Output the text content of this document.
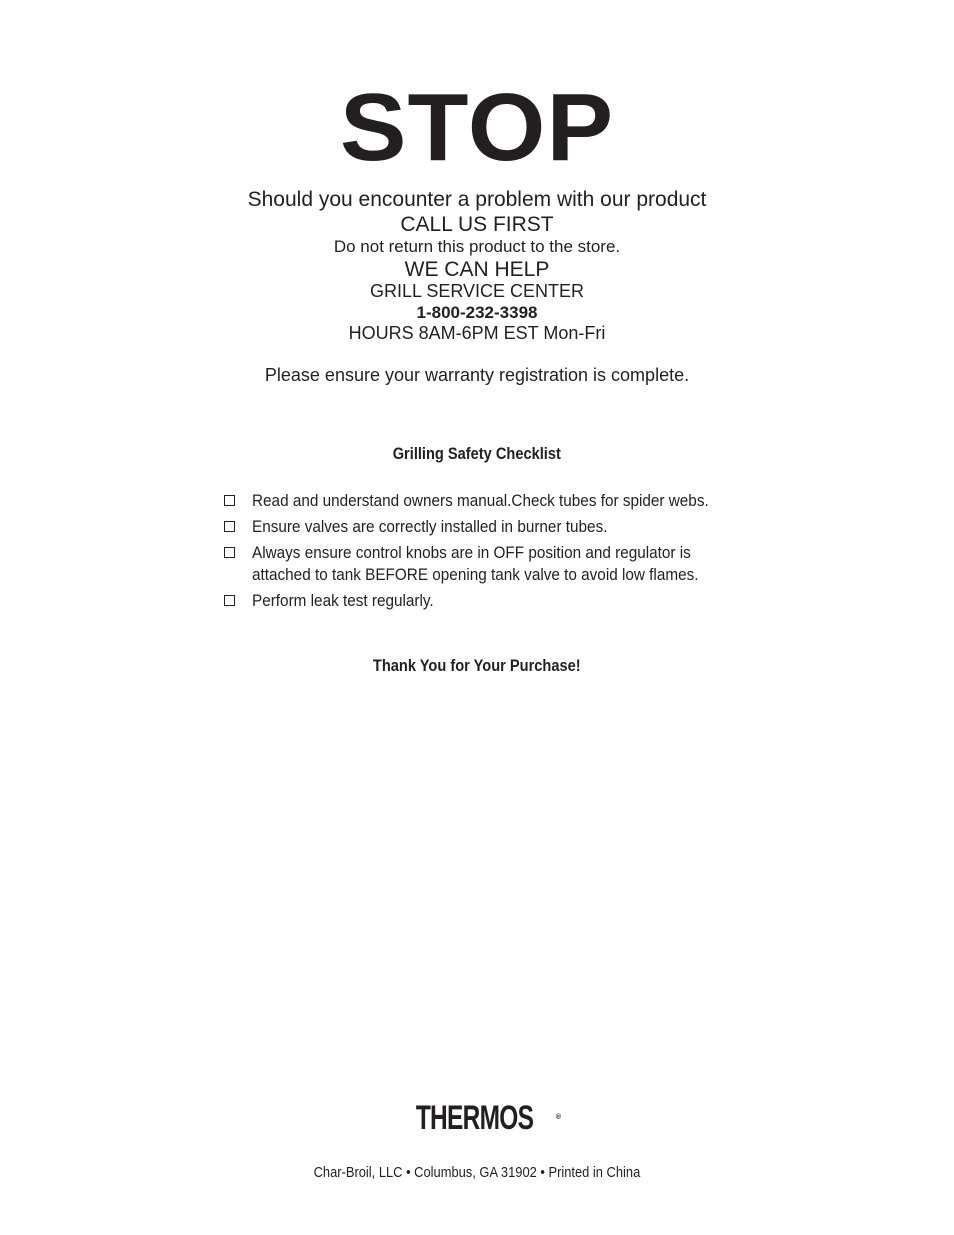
STOP
Should you encounter a problem with our product
CALL US FIRST
Do not return this product to the store.
WE CAN HELP
GRILL SERVICE CENTER
1-800-232-3398
HOURS 8AM-6PM EST Mon-Fri
Please ensure your warranty registration is complete.
Grilling Safety Checklist
Read and understand owners manual.Check tubes for spider webs.
Ensure valves are correctly installed in burner tubes.
Always ensure control knobs are in OFF position and regulator is attached to tank BEFORE opening tank valve to avoid low flames.
Perform leak test regularly.
Thank You for Your Purchase!
THERMOS	®
Char-Broil, LLC • Columbus, GA 31902 • Printed in China
